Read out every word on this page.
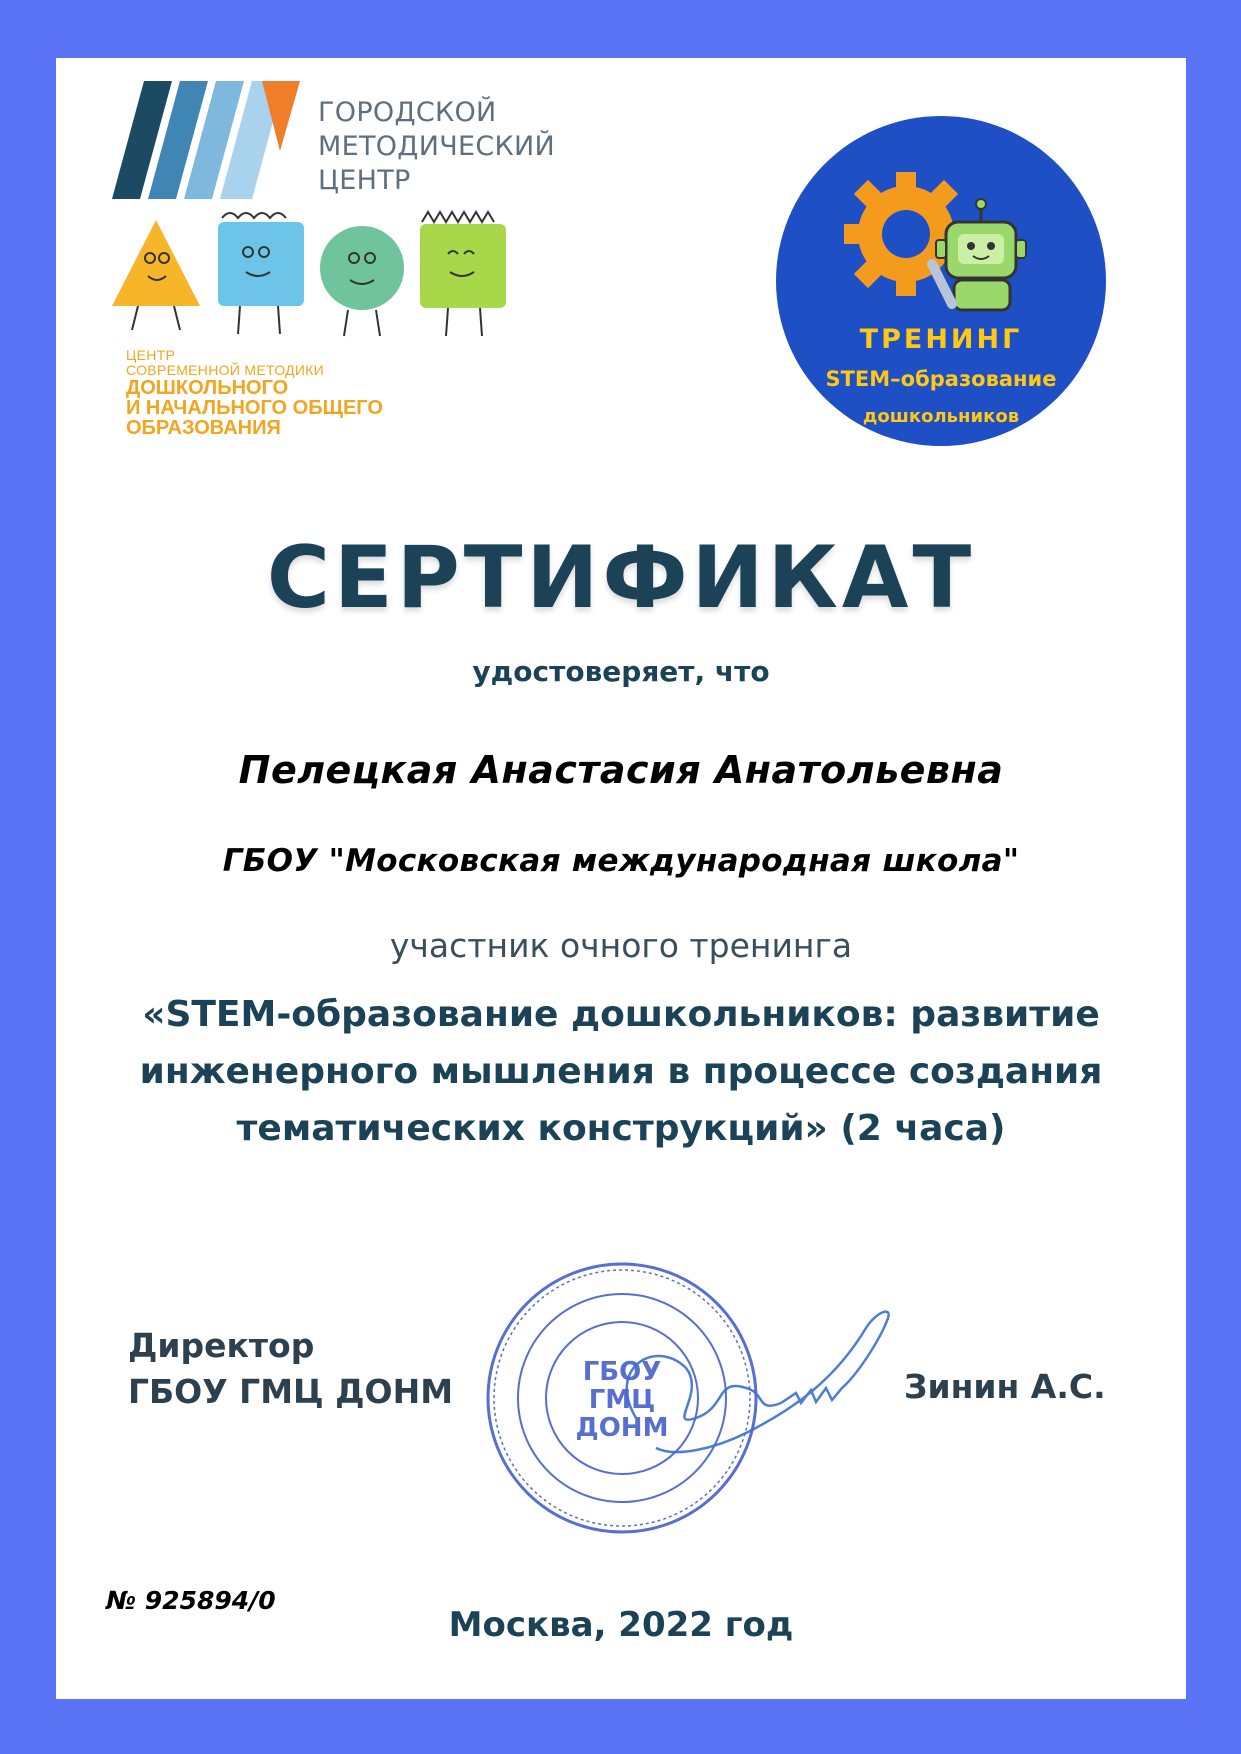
ГОРОДСКОЙ
МЕТОДИЧЕСКИЙ
ЦЕНТР
ЦЕНТР
СОВРЕМЕННОЙ МЕТОДИКИ
ДОШКОЛЬНОГО
И НАЧАЛЬНОГО ОБЩЕГО
ОБРАЗОВАНИЯ
ТРЕНИНГ
STEM–образование
дошкольников
СЕРТИФИКАТ
удостоверяет, что
Пелецкая Анастасия Анатольевна
ГБОУ "Московская международная школа"
участник очного тренинга
«STEM-образование дошкольников: развитие
инженерного мышления в процессе создания
тематических конструкций» (2 часа)
Директор
ГБОУ ГМЦ ДОНМ	ГБОУ
ГМЦ
ДОНМ
Зинин А.С.
№ 925894/0
Москва, 2022 год
